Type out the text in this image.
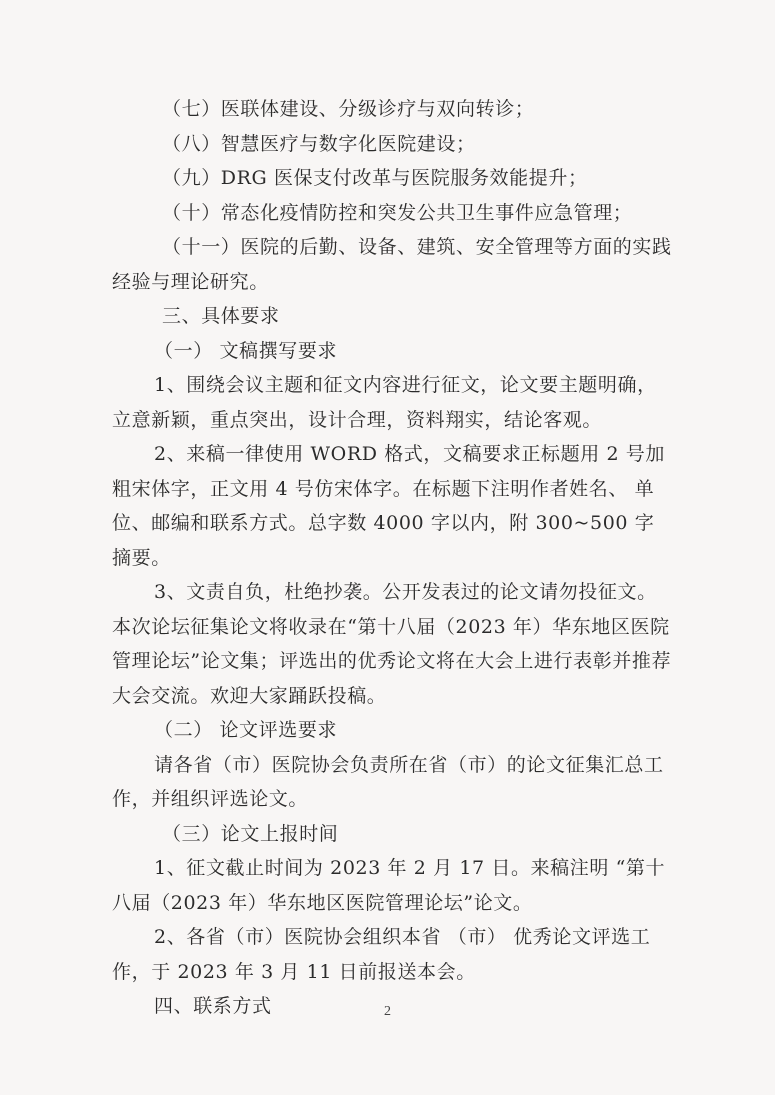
（七）医联体建设、分级诊疗与双向转诊；

（八）智慧医疗与数字化医院建设；

（九）DRG 医保支付改革与医院服务效能提升；

（十）常态化疫情防控和突发公共卫生事件应急管理；

（十一）医院的后勤、设备、建筑、安全管理等方面的实践经验与理论研究。

三、具体要求

（一） 文稿撰写要求

1、围绕会议主题和征文内容进行征文，论文要主题明确，立意新颖，重点突出，设计合理，资料翔实，结论客观。

2、来稿一律使用 WORD 格式，文稿要求正标题用 2 号加粗宋体字，正文用 4 号仿宋体字。在标题下注明作者姓名、 单位、邮编和联系方式。总字数 4000 字以内，附 300~500 字摘要。

3、文责自负，杜绝抄袭。公开发表过的论文请勿投征文。本次论坛征集论文将收录在“第十八届（2023 年）华东地区医院管理论坛”论文集；评选出的优秀论文将在大会上进行表彰并推荐大会交流。欢迎大家踊跃投稿。

（二） 论文评选要求

请各省（市）医院协会负责所在省（市）的论文征集汇总工作，并组织评选论文。

（三）论文上报时间

1、征文截止时间为 2023 年 2 月 17 日。来稿注明 “第十八届（2023 年）华东地区医院管理论坛”论文。

2、各省（市）医院协会组织本省 （市） 优秀论文评选工作，于 2023 年 3 月 11 日前报送本会。

四、联系方式	2
